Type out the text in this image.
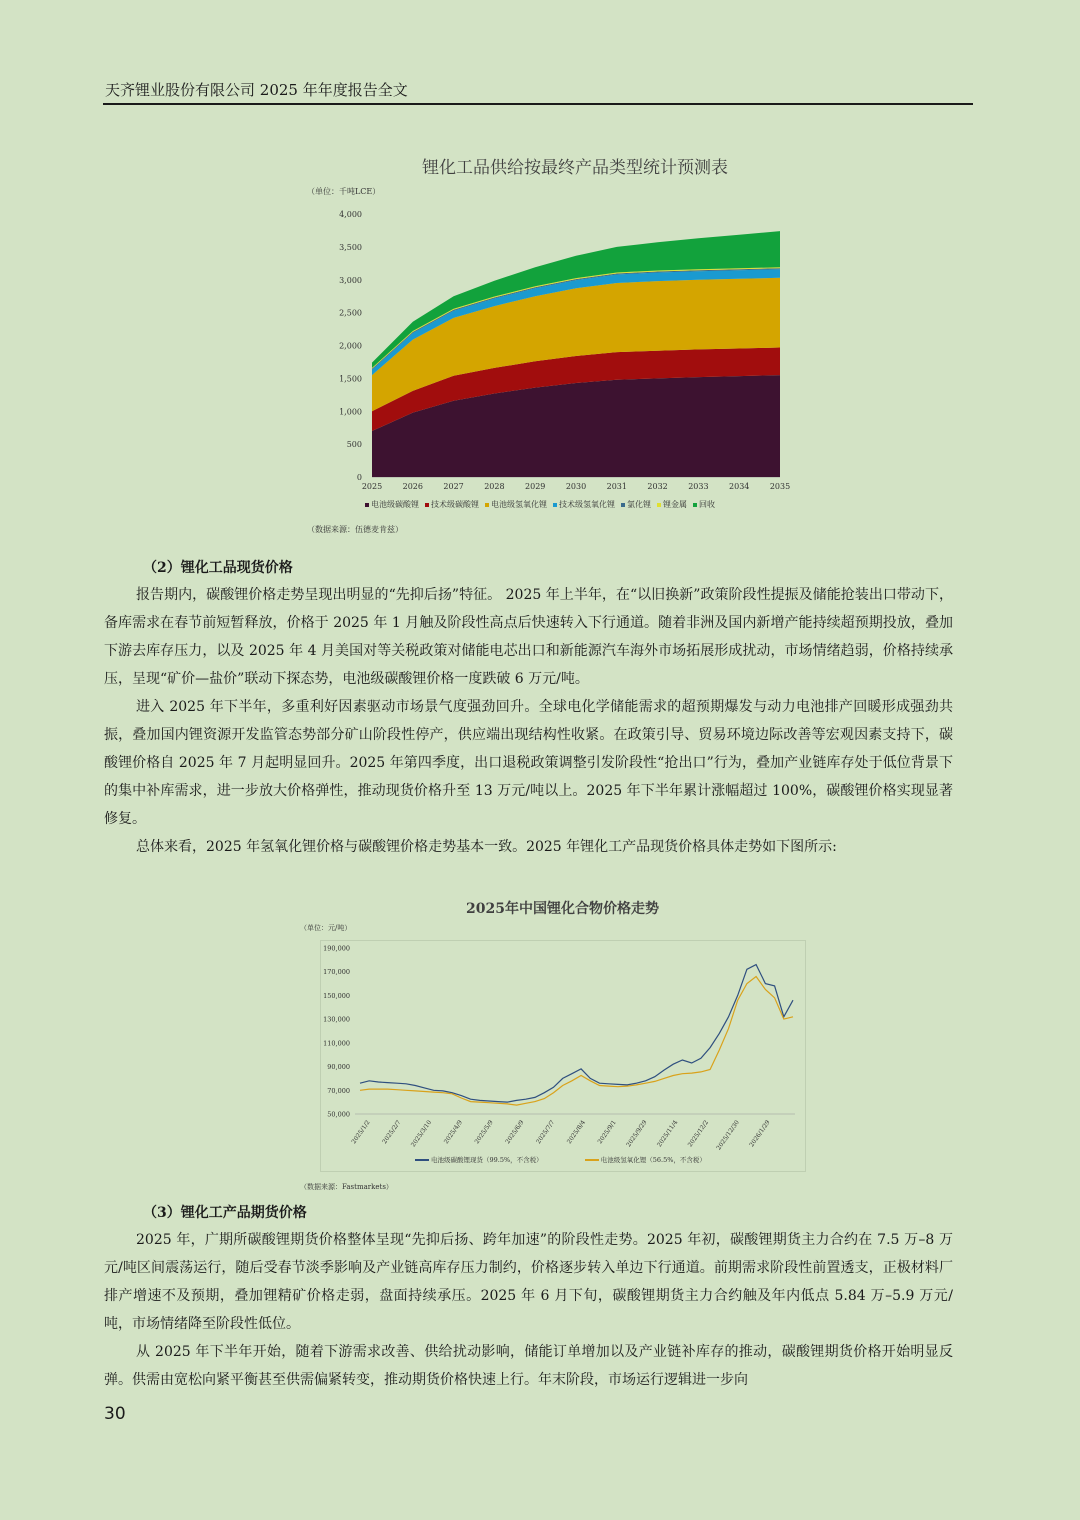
天齐锂业股份有限公司 2025 年年度报告全文
锂化工品供给按最终产品类型统计预测表
（单位：千吨LCE）
0
500
1,000
1,500
2,000
2,500
3,000
3,500
4,000
2025	2026	2027	2028	2029	2030	2031	2032	2033	2034	2035
电池级碳酸锂 技术级碳酸锂 电池级氢氧化锂 技术级氢氧化锂 氯化锂 锂金属 回收
（数据来源：伍德麦肯兹）
（2）锂化工品现货价格

报告期内，碳酸锂价格走势呈现出明显的“先抑后扬”特征。 2025 年上半年，在“以旧换新”政策阶段性提振及储能抢装出口带动下，备库需求在春节前短暂释放，价格于 2025 年 1 月触及阶段性高点后快速转入下行通道。随着非洲及国内新增产能持续超预期投放，叠加下游去库存压力，以及 2025 年 4 月美国对等关税政策对储能电芯出口和新能源汽车海外市场拓展形成扰动，市场情绪趋弱，价格持续承压，呈现“矿价—盐价”联动下探态势，电池级碳酸锂价格一度跌破 6 万元/吨。

进入 2025 年下半年，多重利好因素驱动市场景气度强劲回升。全球电化学储能需求的超预期爆发与动力电池排产回暖形成强劲共振，叠加国内锂资源开发监管态势部分矿山阶段性停产，供应端出现结构性收紧。在政策引导、贸易环境边际改善等宏观因素支持下，碳酸锂价格自 2025 年 7 月起明显回升。2025 年第四季度，出口退税政策调整引发阶段性“抢出口”行为，叠加产业链库存处于低位背景下的集中补库需求，进一步放大价格弹性，推动现货价格升至 13 万元/吨以上。2025 年下半年累计涨幅超过 100%，碳酸锂价格实现显著修复。

总体来看，2025 年氢氧化锂价格与碳酸锂价格走势基本一致。2025 年锂化工产品现货价格具体走势如下图所示:

2025年中国锂化合物价格走势
（单位：元/吨）
50,000
70,000
90,000
110,000
130,000
150,000
170,000
190,000
2025/1/2 2025/2/7 2025/3/10 2025/4/9 2025/5/9 2025/6/9 2025/7/7 2025/8/4 2025/9/1 2025/9/29 2025/11/4 2025/12/2 2025/12/30 2026/1/29
电池级碳酸锂现货（99.5%，不含税）	电池级氢氧化锂（56.5%，不含税）
（数据来源：Fastmarkets）
（3）锂化工产品期货价格

2025 年，广期所碳酸锂期货价格整体呈现“先抑后扬、跨年加速”的阶段性走势。2025 年初，碳酸锂期货主力合约在 7.5 万–8 万元/吨区间震荡运行，随后受春节淡季影响及产业链高库存压力制约，价格逐步转入单边下行通道。前期需求阶段性前置透支，正极材料厂排产增速不及预期，叠加锂精矿价格走弱，盘面持续承压。2025 年 6 月下旬，碳酸锂期货主力合约触及年内低点 5.84 万–5.9 万元/吨，市场情绪降至阶段性低位。

从 2025 年下半年开始，随着下游需求改善、供给扰动影响，储能订单增加以及产业链补库存的推动，碳酸锂期货价格开始明显反弹。供需由宽松向紧平衡甚至供需偏紧转变，推动期货价格快速上行。年末阶段，市场运行逻辑进一步向

30
